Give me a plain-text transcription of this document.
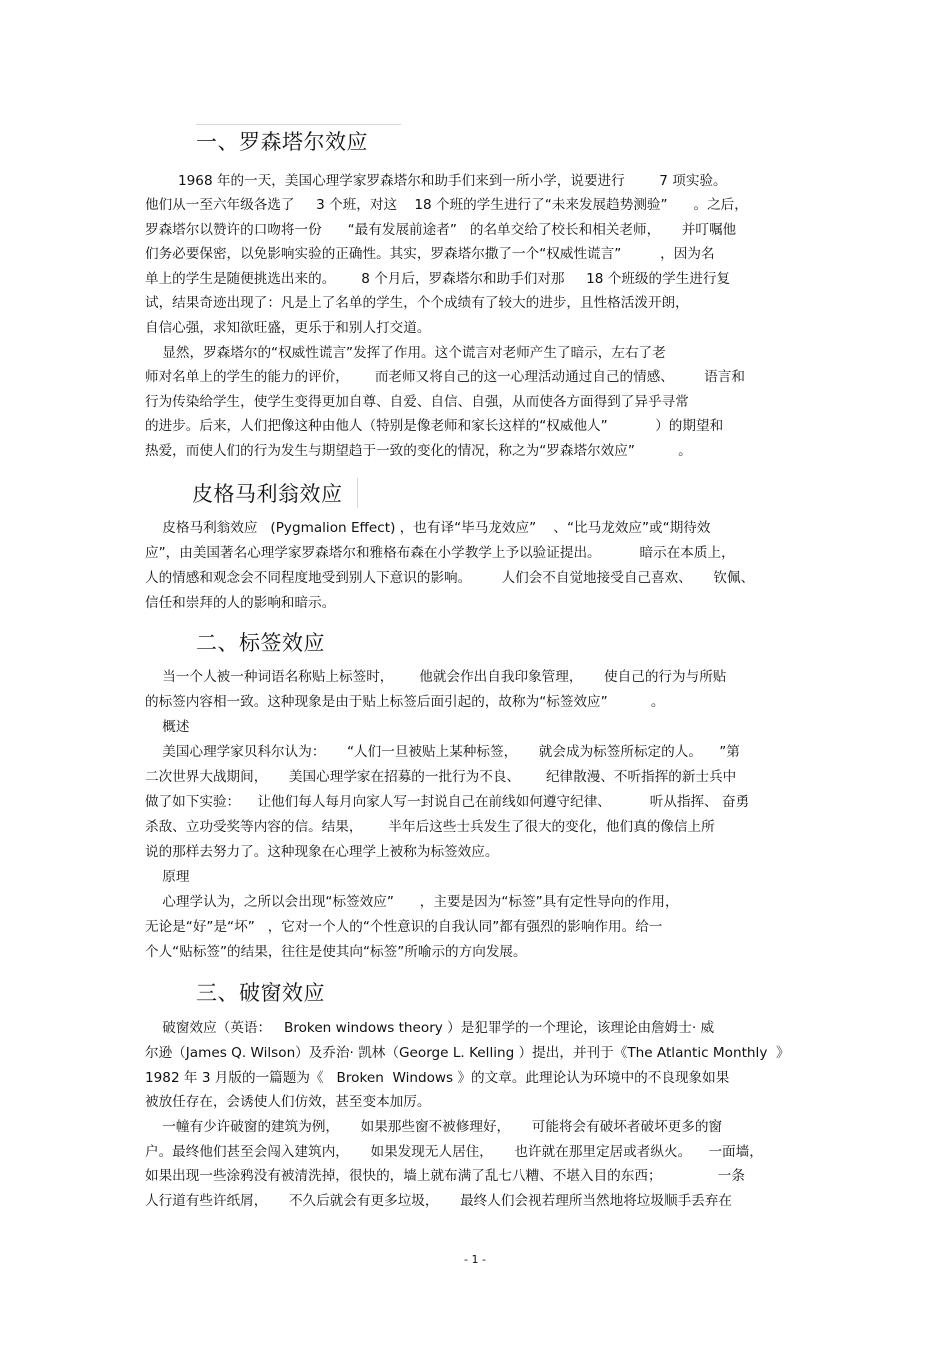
一、罗森塔尔效应
1968 年的一天，美国心理学家罗森塔尔和助手们来到一所小学，说要进行        7 项实验。
他们从一至六年级各选了     3 个班，对这    18 个班的学生进行了“未来发展趋势测验”      。之后，
罗森塔尔以赞许的口吻将一份      “最有发展前途者”   的名单交给了校长和相关老师，     并叮嘱他
们务必要保密，以免影响实验的正确性。其实，罗森塔尔撒了一个“权威性谎言”         ，因为名
单上的学生是随便挑选出来的。      8 个月后，罗森塔尔和助手们对那     18 个班级的学生进行复
试，结果奇迹出现了：凡是上了名单的学生，个个成绩有了较大的进步，且性格活泼开朗，
自信心强，求知欲旺盛，更乐于和别人打交道。
显然，罗森塔尔的“权威性谎言”发挥了作用。这个谎言对老师产生了暗示，左右了老
师对名单上的学生的能力的评价，      而老师又将自己的这一心理活动通过自己的情感、       语言和
行为传染给学生，使学生变得更加自尊、自爱、自信、自强，从而使各方面得到了异乎寻常
的进步。后来，人们把像这种由他人（特别是像老师和家长这样的“权威他人”           ）的期望和
热爱，而使人们的行为发生与期望趋于一致的变化的情况，称之为“罗森塔尔效应”          。
皮格马利翁效应
皮格马利翁效应   (Pygmalion Effect) ，也有译“毕马龙效应”    、“比马龙效应”或“期待效
应”，由美国著名心理学家罗森塔尔和雅格布森在小学教学上予以验证提出。         暗示在本质上，
人的情感和观念会不同程度地受到别人下意识的影响。       人们会不自觉地接受自己喜欢、     钦佩、
信任和崇拜的人的影响和暗示。
二、标签效应
当一个人被一种词语名称贴上标签时，      他就会作出自我印象管理，     使自己的行为与所贴
的标签内容相一致。这种现象是由于贴上标签后面引起的，故称为“标签效应”          。
概述
美国心理学家贝科尔认为：     “人们一旦被贴上某种标签，     就会成为标签所标定的人。    ”第
二次世界大战期间，     美国心理学家在招募的一批行为不良、      纪律散漫、不听指挥的新士兵中
做了如下实验：    让他们每人每月向家人写一封说自己在前线如何遵守纪律、         听从指挥、 奋勇
杀敌、立功受奖等内容的信。结果，      半年后这些士兵发生了很大的变化，他们真的像信上所
说的那样去努力了。这种现象在心理学上被称为标签效应。
原理
心理学认为，之所以会出现“标签效应”      ，主要是因为“标签”具有定性导向的作用，
无论是“好”是“坏”   ，它对一个人的“个性意识的自我认同”都有强烈的影响作用。给一
个人“贴标签”的结果，往往是使其向“标签”所喻示的方向发展。
三、破窗效应
破窗效应（英语：   Broken windows theory ）是犯罪学的一个理论，该理论由詹姆士· 威
尔逊（James Q. Wilson）及乔治· 凯林（George L. Kelling ）提出，并刊于《The Atlantic Monthly  》
1982 年 3 月版的一篇题为《   Broken  Windows 》的文章。此理论认为环境中的不良现象如果
被放任存在，会诱使人们仿效，甚至变本加厉。
一幢有少许破窗的建筑为例，     如果那些窗不被修理好，     可能将会有破坏者破坏更多的窗
户。最终他们甚至会闯入建筑内，     如果发现无人居住，     也许就在那里定居或者纵火。    一面墙，
如果出现一些涂鸦没有被清洗掉，很快的，墙上就布满了乱七八糟、不堪入目的东西；             一条
人行道有些许纸屑，     不久后就会有更多垃圾，     最终人们会视若理所当然地将垃圾顺手丢弃在
- 1 -
